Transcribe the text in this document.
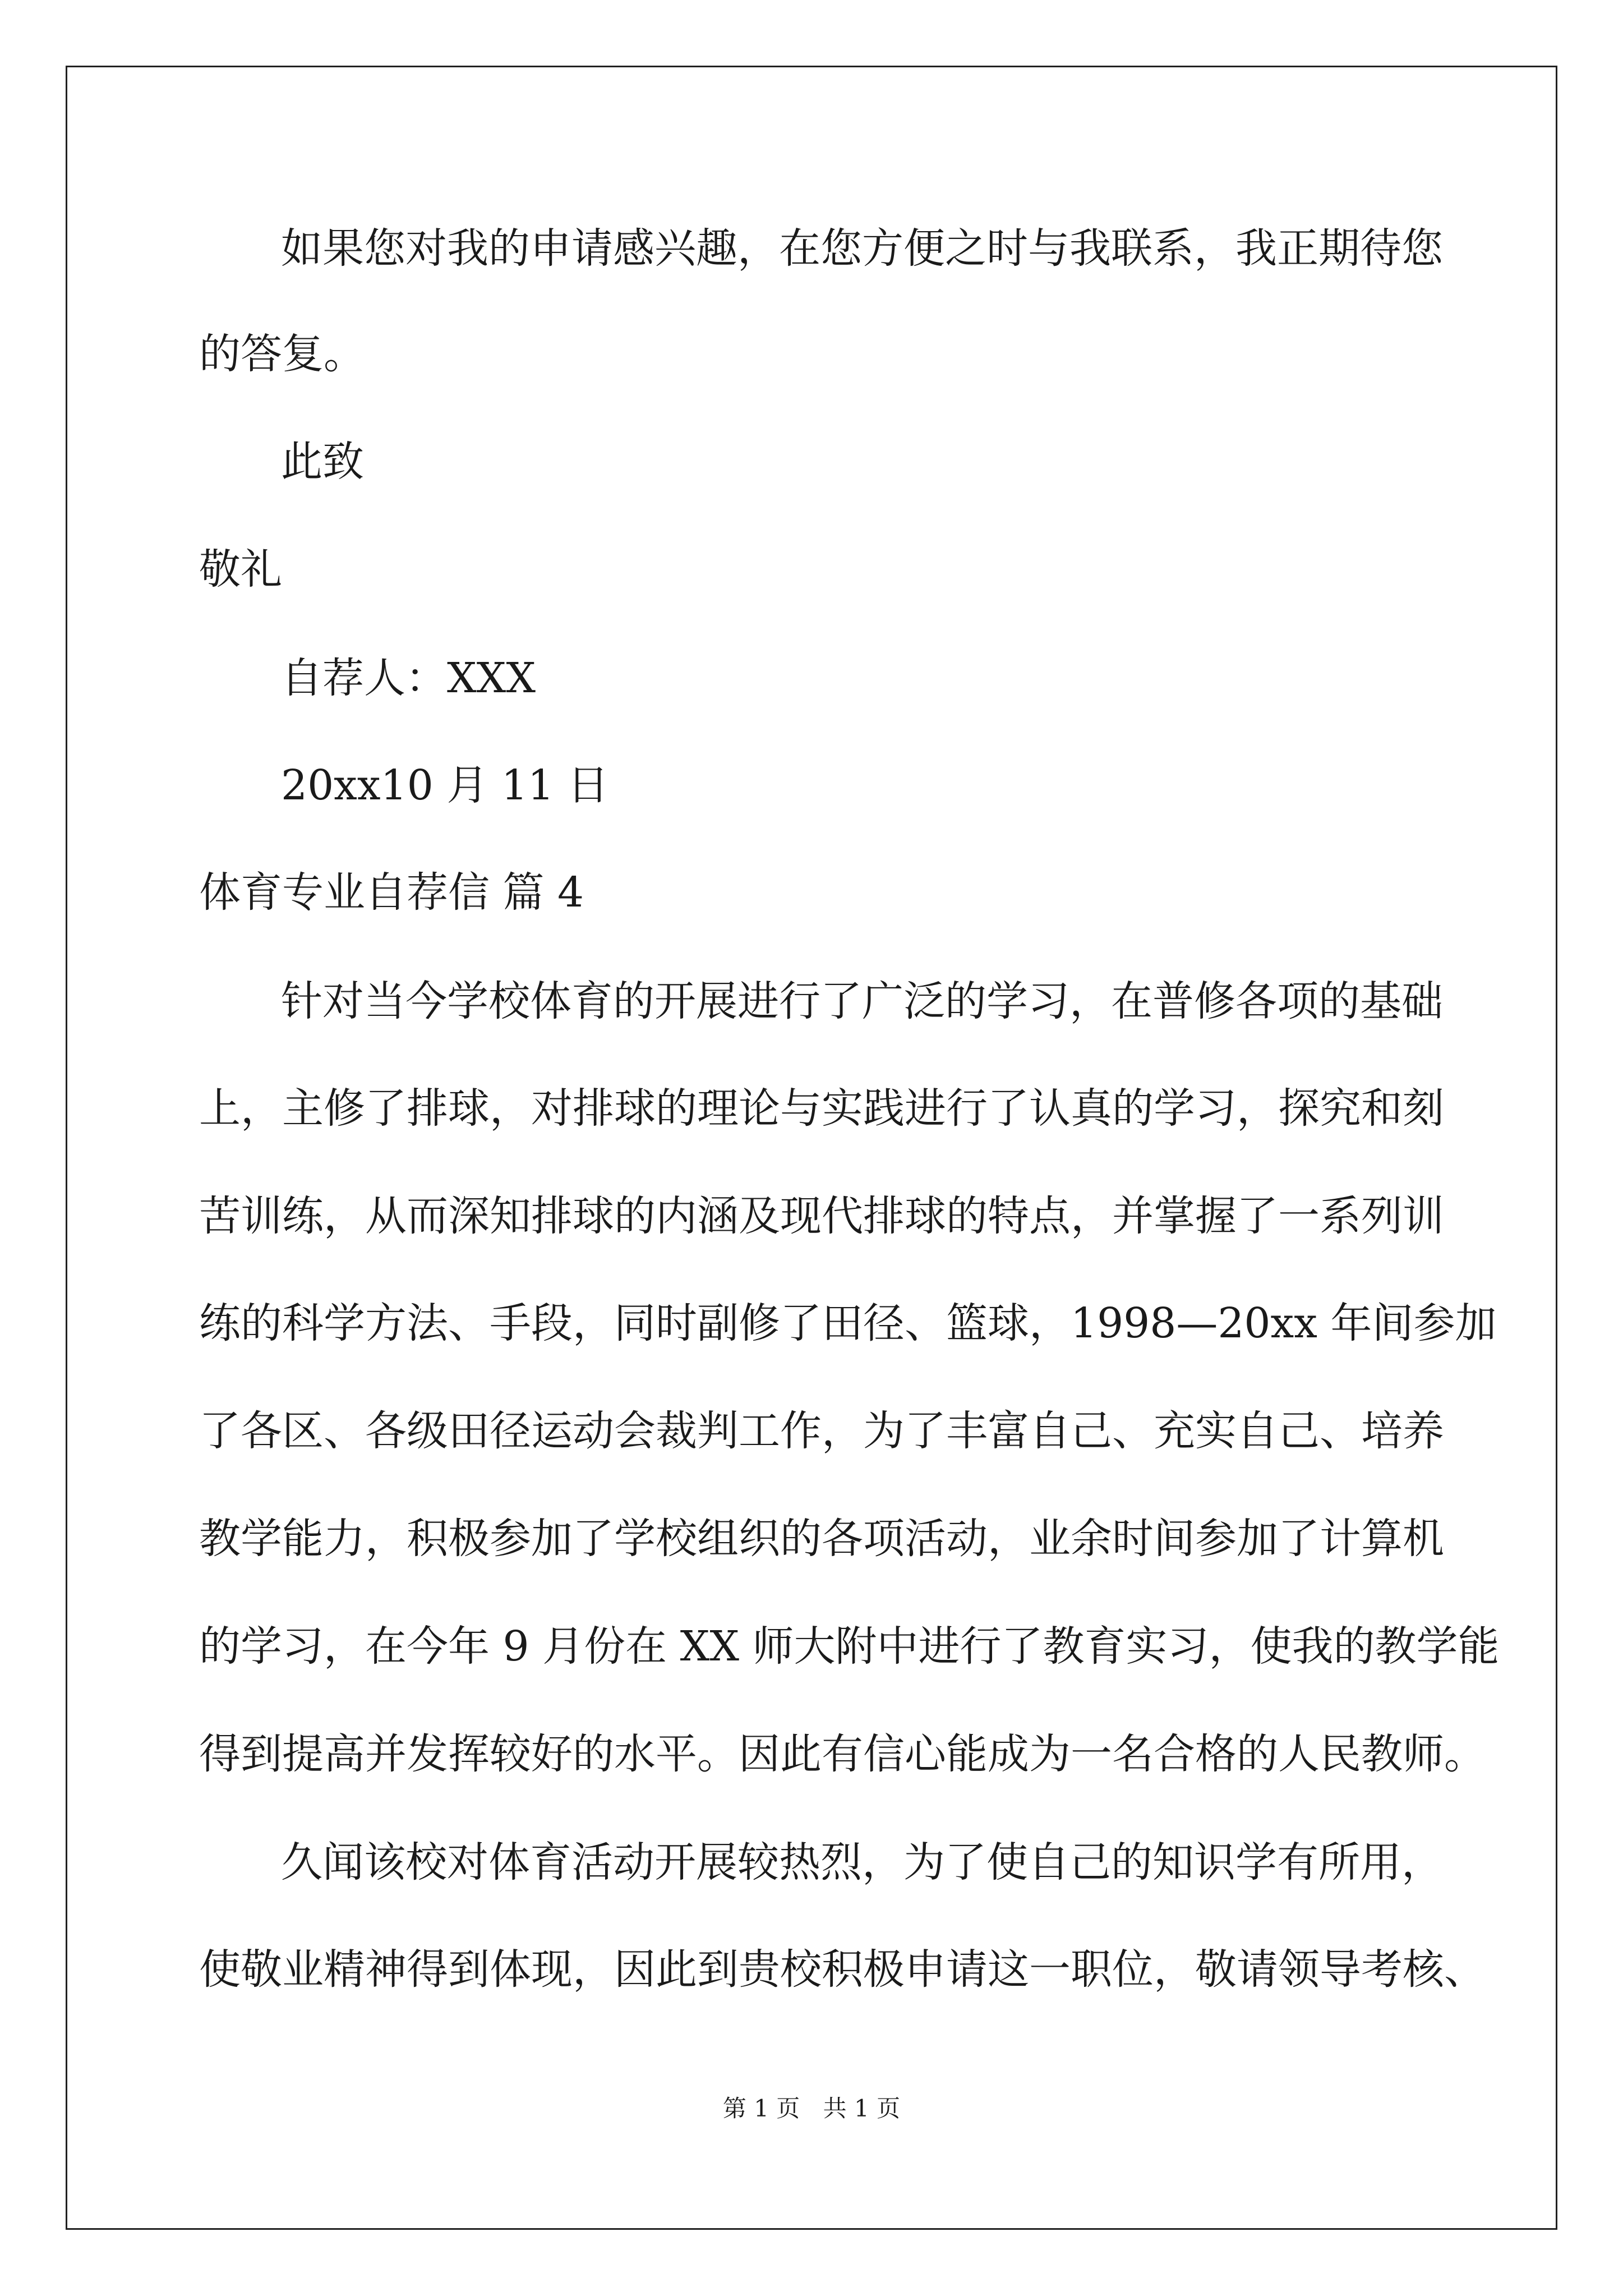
如果您对我的申请感兴趣，在您方便之时与我联系，我正期待您
的答复。
此致
敬礼
自荐人：XXX
20xx10 月 11 日
体育专业自荐信 篇 4
针对当今学校体育的开展进行了广泛的学习，在普修各项的基础
上，主修了排球，对排球的理论与实践进行了认真的学习，探究和刻
苦训练，从而深知排球的内涵及现代排球的特点，并掌握了一系列训
练的科学方法、手段，同时副修了田径、篮球，1998—20xx 年间参加
了各区、各级田径运动会裁判工作，为了丰富自己、充实自己、培养
教学能力，积极参加了学校组织的各项活动，业余时间参加了计算机
的学习，在今年 9 月份在 XX 师大附中进行了教育实习，使我的教学能
得到提高并发挥较好的水平。因此有信心能成为一名合格的人民教师。
久闻该校对体育活动开展较热烈，为了使自己的知识学有所用，
使敬业精神得到体现，因此到贵校积极申请这一职位，敬请领导考核、
第 1 页 共 1 页
